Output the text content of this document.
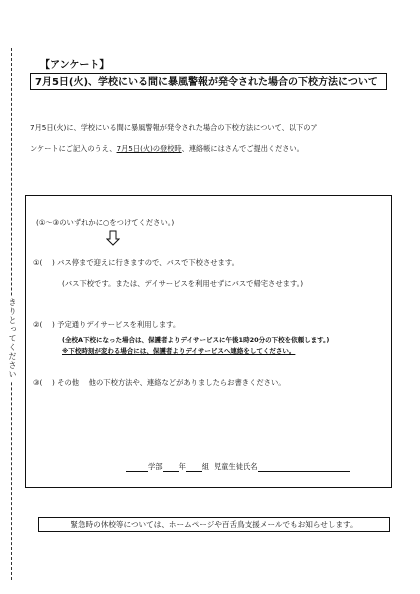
きりとってください
【アンケート】
7月5日(火)、学校にいる間に暴風警報が発令された場合の下校方法について

7月5日(火)に、学校にいる間に暴風警報が発令された場合の下校方法について、以下のア

ンケートにご記入のうえ、7月5日(火)の登校時、連絡帳にはさんでご提出ください。

(①～③のいずれかに○をつけてください。)
①(　 ) バス停まで迎えに行きますので、バスで下校させます。
(バス下校です。または、デイサービスを利用せずにバスで帰宅させます。)
②(　 ) 予定通りデイサービスを利用します。
(全校A下校になった場合は、保護者よりデイサービスに午後1時20分の下校を依頼します。)
※下校時刻が変わる場合には、保護者よりデイサービスへ連絡をしてください。
③(　 ) その他　 他の下校方法や、連絡などがありましたらお書きください。
学部 年 組 児童生徒氏名
緊急時の休校等については、ホームページや百舌鳥支援メールでもお知らせします。
